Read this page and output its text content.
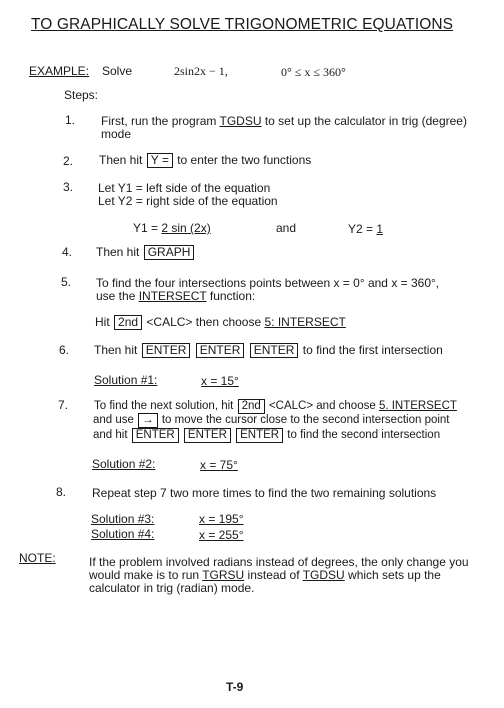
TO GRAPHICALLY SOLVE TRIGONOMETRIC EQUATIONS
EXAMPLE: Solve	2sin2x − 1,	0° ≤ x ≤ 360°
Steps:
1. First, run the program TGDSU to set up the calculator in trig (degree)
mode
2. Then hit Y = to enter the two functions
3. Let Y1 = left side of the equation
Let Y2 = right side of the equation
Y1 = 2 sin (2x)	and	Y2 = 1
4. Then hit GRAPH
5. To find the four intersections points between x = 0° and x = 360°,
use the INTERSECT function:
Hit 2nd <CALC> then choose 5: INTERSECT
6. Then hit ENTER ENTER ENTER to find the first intersection
Solution #1:	x = 15°
7. To find the next solution, hit 2nd <CALC> and choose 5. INTERSECT
and use → to move the cursor close to the second intersection point
and hit ENTER ENTER ENTER to find the second intersection
Solution #2:	x = 75°
8. Repeat step 7 two more times to find the two remaining solutions
Solution #3:	x = 195°
Solution #4:	x = 255°
NOTE:	If the problem involved radians instead of degrees, the only change you
would make is to run TGRSU instead of TGDSU which sets up the
calculator in trig (radian) mode.
T-9
